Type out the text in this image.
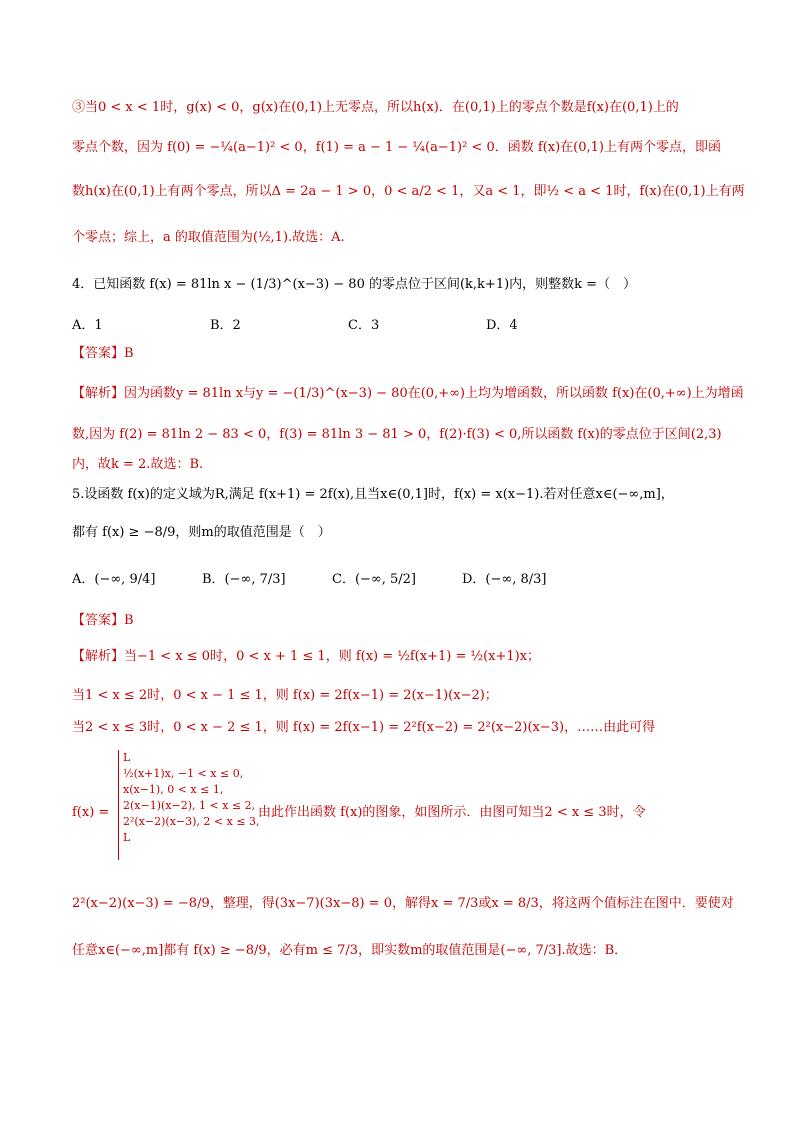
③当0 < x < 1时，g(x) < 0，g(x)在(0,1)上无零点，所以h(x)．在(0,1)上的零点个数是f(x)在(0,1)上的
零点个数，因为 f(0) = −¼(a−1)² < 0，f(1) = a − 1 − ¼(a−1)² < 0．函数 f(x)在(0,1)上有两个零点，即函
数h(x)在(0,1)上有两个零点，所以Δ = 2a − 1 > 0，0 < a/2 < 1，又a < 1，即½ < a < 1时，f(x)在(0,1)上有两
个零点；综上，a 的取值范围为(½,1).故选：A.
4．已知函数 f(x) = 81ln x − (1/3)^(x−3) − 80 的零点位于区间(k,k+1)内，则整数k =（　）
A．1	B．2	C．3	D．4
【答案】B
【解析】因为函数y = 81ln x与y = −(1/3)^(x−3) − 80在(0,+∞)上均为增函数，所以函数 f(x)在(0,+∞)上为增函
数,因为 f(2) = 81ln 2 − 83 < 0，f(3) = 81ln 3 − 81 > 0，f(2)·f(3) < 0,所以函数 f(x)的零点位于区间(2,3)
内，故k = 2.故选：B.
5.设函数 f(x)的定义域为R,满足 f(x+1) = 2f(x),且当x∈(0,1]时，f(x) = x(x−1).若对任意x∈(−∞,m]，
都有 f(x) ≥ −8/9，则m的取值范围是（　）
A．(−∞, 9/4]	B．(−∞, 7/3]	C．(−∞, 5/2]	D．(−∞, 8/3]
【答案】B
【解析】当−1 < x ≤ 0时，0 < x + 1 ≤ 1，则 f(x) = ½f(x+1) = ½(x+1)x；
当1 < x ≤ 2时，0 < x − 1 ≤ 1，则 f(x) = 2f(x−1) = 2(x−1)(x−2)；
当2 < x ≤ 3时，0 < x − 2 ≤ 1，则 f(x) = 2f(x−1) = 2²f(x−2) = 2²(x−2)(x−3)，……由此可得
f(x) =
L
½(x+1)x, −1 < x ≤ 0,
x(x−1), 0 < x ≤ 1,
2(x−1)(x−2), 1 < x ≤ 2,
2²(x−2)(x−3), 2 < x ≤ 3,
L
由此作出函数 f(x)的图象，如图所示．由图可知当2 < x ≤ 3时，令
2²(x−2)(x−3) = −8/9，整理，得(3x−7)(3x−8) = 0，解得x = 7/3或x = 8/3，将这两个值标注在图中．要使对
任意x∈(−∞,m]都有 f(x) ≥ −8/9，必有m ≤ 7/3，即实数m的取值范围是(−∞, 7/3].故选：B．
